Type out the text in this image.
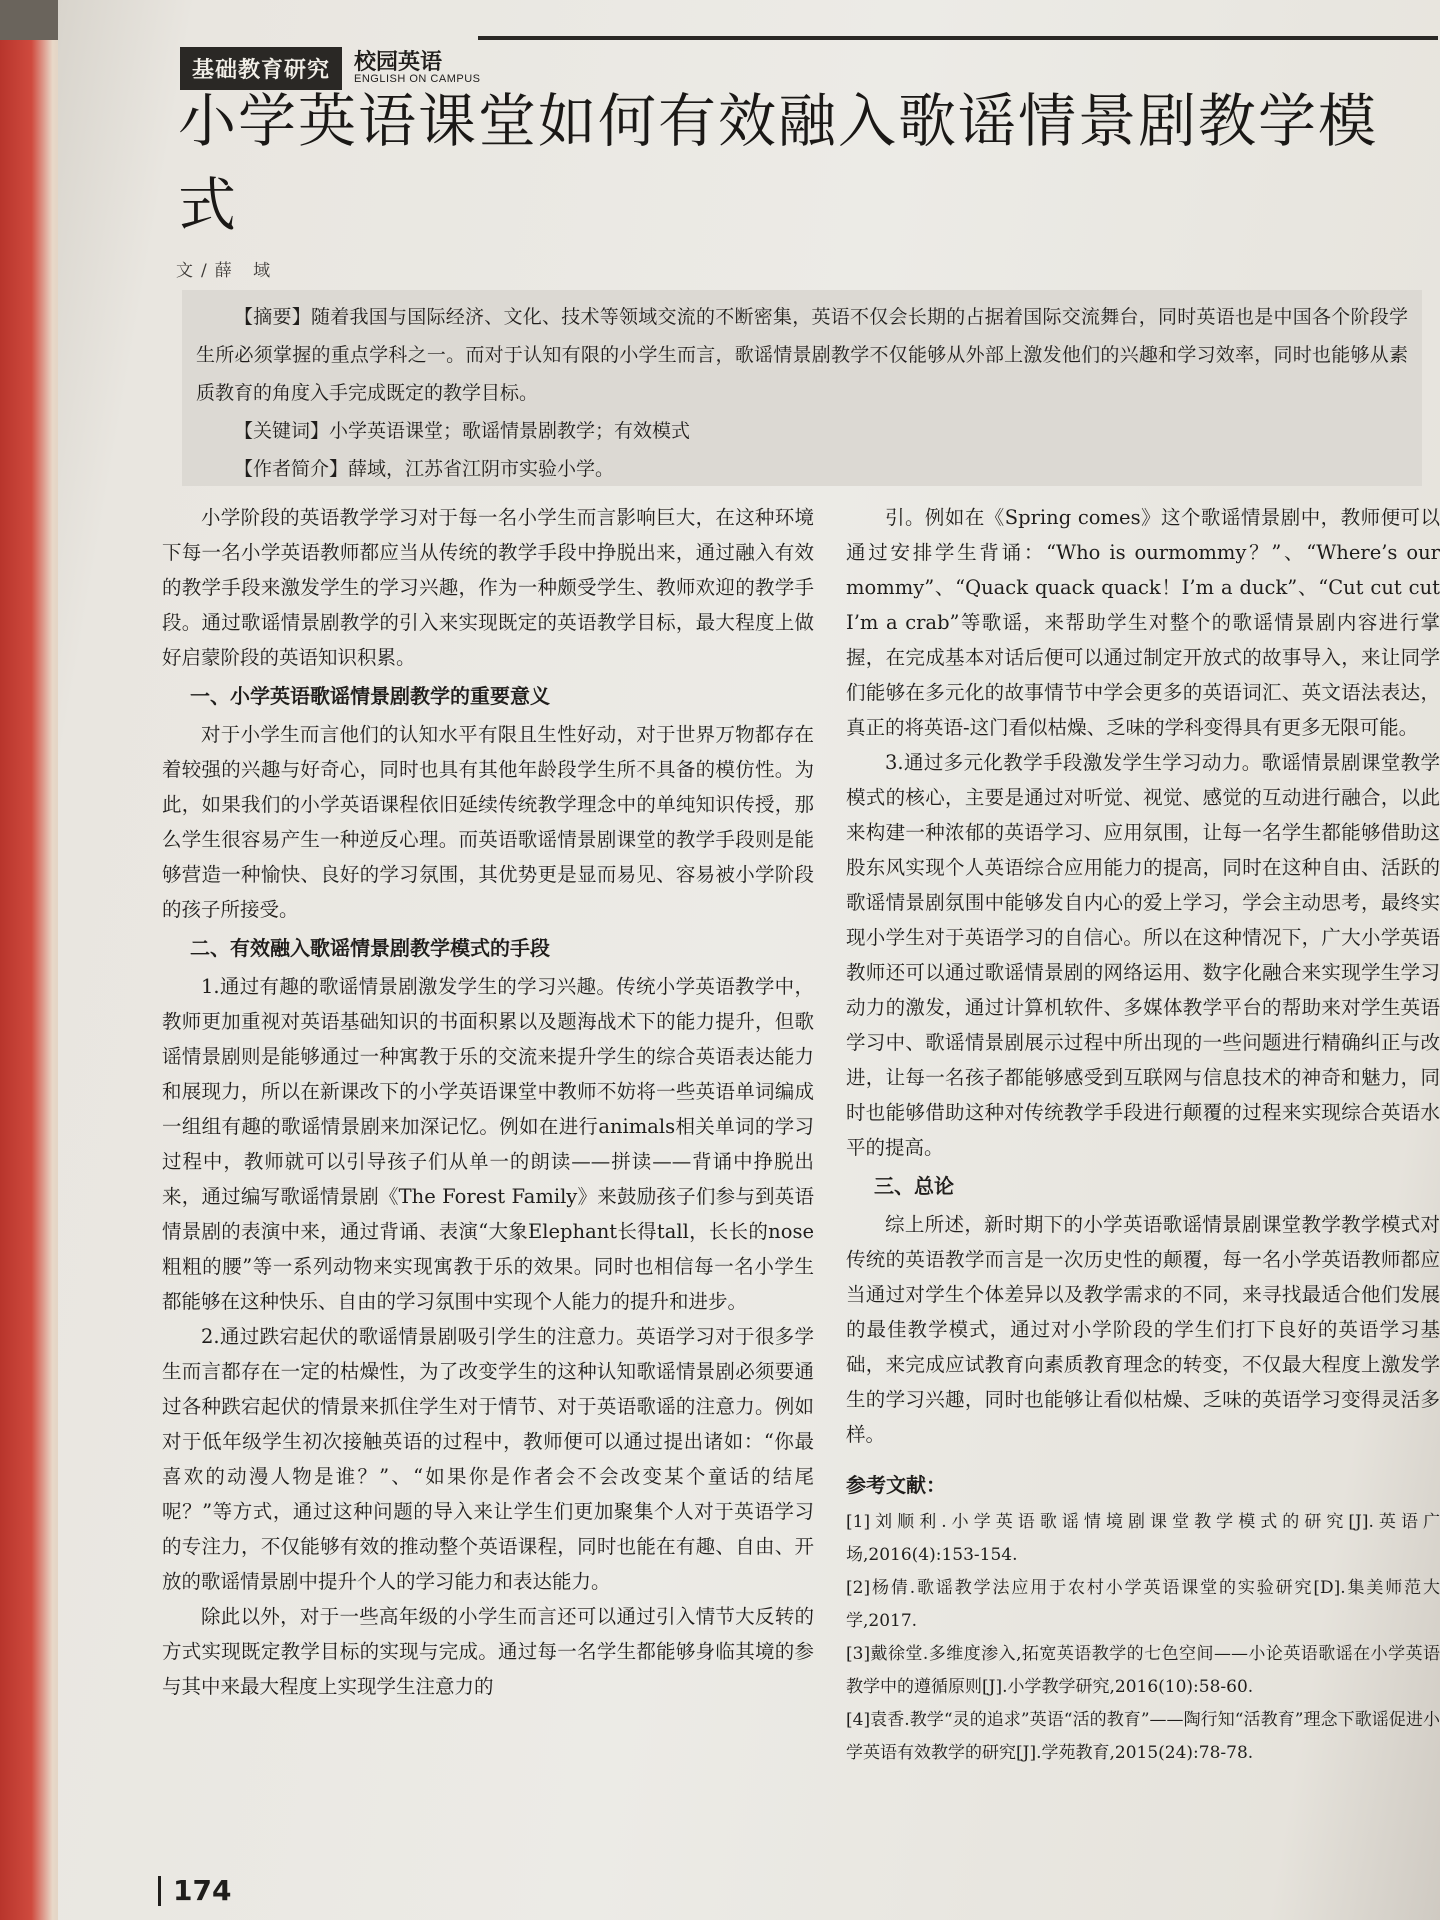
基础教育研究	校园英语
ENGLISH ON CAMPUS
小学英语课堂如何有效融入歌谣情景剧教学模式
文/薛 域

【摘要】随着我国与国际经济、文化、技术等领域交流的不断密集，英语不仅会长期的占据着国际交流舞台，同时英语也是中国各个阶段学生所必须掌握的重点学科之一。而对于认知有限的小学生而言，歌谣情景剧教学不仅能够从外部上激发他们的兴趣和学习效率，同时也能够从素质教育的角度入手完成既定的教学目标。

【关键词】小学英语课堂；歌谣情景剧教学；有效模式

【作者简介】薛域，江苏省江阴市实验小学。

小学阶段的英语教学学习对于每一名小学生而言影响巨大，在这种环境下每一名小学英语教师都应当从传统的教学手段中挣脱出来，通过融入有效的教学手段来激发学生的学习兴趣，作为一种颇受学生、教师欢迎的教学手段。通过歌谣情景剧教学的引入来实现既定的英语教学目标，最大程度上做好启蒙阶段的英语知识积累。

一、小学英语歌谣情景剧教学的重要意义

对于小学生而言他们的认知水平有限且生性好动，对于世界万物都存在着较强的兴趣与好奇心，同时也具有其他年龄段学生所不具备的模仿性。为此，如果我们的小学英语课程依旧延续传统教学理念中的单纯知识传授，那么学生很容易产生一种逆反心理。而英语歌谣情景剧课堂的教学手段则是能够营造一种愉快、良好的学习氛围，其优势更是显而易见、容易被小学阶段的孩子所接受。

二、有效融入歌谣情景剧教学模式的手段

1.通过有趣的歌谣情景剧激发学生的学习兴趣。传统小学英语教学中，教师更加重视对英语基础知识的书面积累以及题海战术下的能力提升，但歌谣情景剧则是能够通过一种寓教于乐的交流来提升学生的综合英语表达能力和展现力，所以在新课改下的小学英语课堂中教师不妨将一些英语单词编成一组组有趣的歌谣情景剧来加深记忆。例如在进行animals相关单词的学习过程中，教师就可以引导孩子们从单一的朗读——拼读——背诵中挣脱出来，通过编写歌谣情景剧《The Forest Family》来鼓励孩子们参与到英语情景剧的表演中来，通过背诵、表演“大象Elephant长得tall，长长的nose粗粗的腰”等一系列动物来实现寓教于乐的效果。同时也相信每一名小学生都能够在这种快乐、自由的学习氛围中实现个人能力的提升和进步。

2.通过跌宕起伏的歌谣情景剧吸引学生的注意力。英语学习对于很多学生而言都存在一定的枯燥性，为了改变学生的这种认知歌谣情景剧必须要通过各种跌宕起伏的情景来抓住学生对于情节、对于英语歌谣的注意力。例如对于低年级学生初次接触英语的过程中，教师便可以通过提出诸如：“你最喜欢的动漫人物是谁？”、“如果你是作者会不会改变某个童话的结尾呢？”等方式，通过这种问题的导入来让学生们更加聚集个人对于英语学习的专注力，不仅能够有效的推动整个英语课程，同时也能在有趣、自由、开放的歌谣情景剧中提升个人的学习能力和表达能力。

除此以外，对于一些高年级的小学生而言还可以通过引入情节大反转的方式实现既定教学目标的实现与完成。通过每一名学生都能够身临其境的参与其中来最大程度上实现学生注意力的

引。例如在《Spring comes》这个歌谣情景剧中，教师便可以通过安排学生背诵：“Who is ourmommy？”、“Where’s our mommy”、“Quack quack quack！I’m a duck”、“Cut cut cut I’m a crab”等歌谣，来帮助学生对整个的歌谣情景剧内容进行掌握，在完成基本对话后便可以通过制定开放式的故事导入，来让同学们能够在多元化的故事情节中学会更多的英语词汇、英文语法表达，真正的将英语-这门看似枯燥、乏味的学科变得具有更多无限可能。

3.通过多元化教学手段激发学生学习动力。歌谣情景剧课堂教学模式的核心，主要是通过对听觉、视觉、感觉的互动进行融合，以此来构建一种浓郁的英语学习、应用氛围，让每一名学生都能够借助这股东风实现个人英语综合应用能力的提高，同时在这种自由、活跃的歌谣情景剧氛围中能够发自内心的爱上学习，学会主动思考，最终实现小学生对于英语学习的自信心。所以在这种情况下，广大小学英语教师还可以通过歌谣情景剧的网络运用、数字化融合来实现学生学习动力的激发，通过计算机软件、多媒体教学平台的帮助来对学生英语学习中、歌谣情景剧展示过程中所出现的一些问题进行精确纠正与改进，让每一名孩子都能够感受到互联网与信息技术的神奇和魅力，同时也能够借助这种对传统教学手段进行颠覆的过程来实现综合英语水平的提高。

三、总论

综上所述，新时期下的小学英语歌谣情景剧课堂教学教学模式对传统的英语教学而言是一次历史性的颠覆，每一名小学英语教师都应当通过对学生个体差异以及教学需求的不同，来寻找最适合他们发展的最佳教学模式，通过对小学阶段的学生们打下良好的英语学习基础，来完成应试教育向素质教育理念的转变，不仅最大程度上激发学生的学习兴趣，同时也能够让看似枯燥、乏味的英语学习变得灵活多样。

参考文献：

[1]刘顺利.小学英语歌谣情境剧课堂教学模式的研究[J].英语广场,2016(4):153-154.

[2]杨倩.歌谣教学法应用于农村小学英语课堂的实验研究[D].集美师范大学,2017.

[3]戴徐堂.多维度渗入,拓宽英语教学的七色空间——小论英语歌谣在小学英语教学中的遵循原则[J].小学教学研究,2016(10):58-60.

[4]袁香.教学“灵的追求”英语“活的教育”——陶行知“活教育”理念下歌谣促进小学英语有效教学的研究[J].学苑教育,2015(24):78-78.

174
